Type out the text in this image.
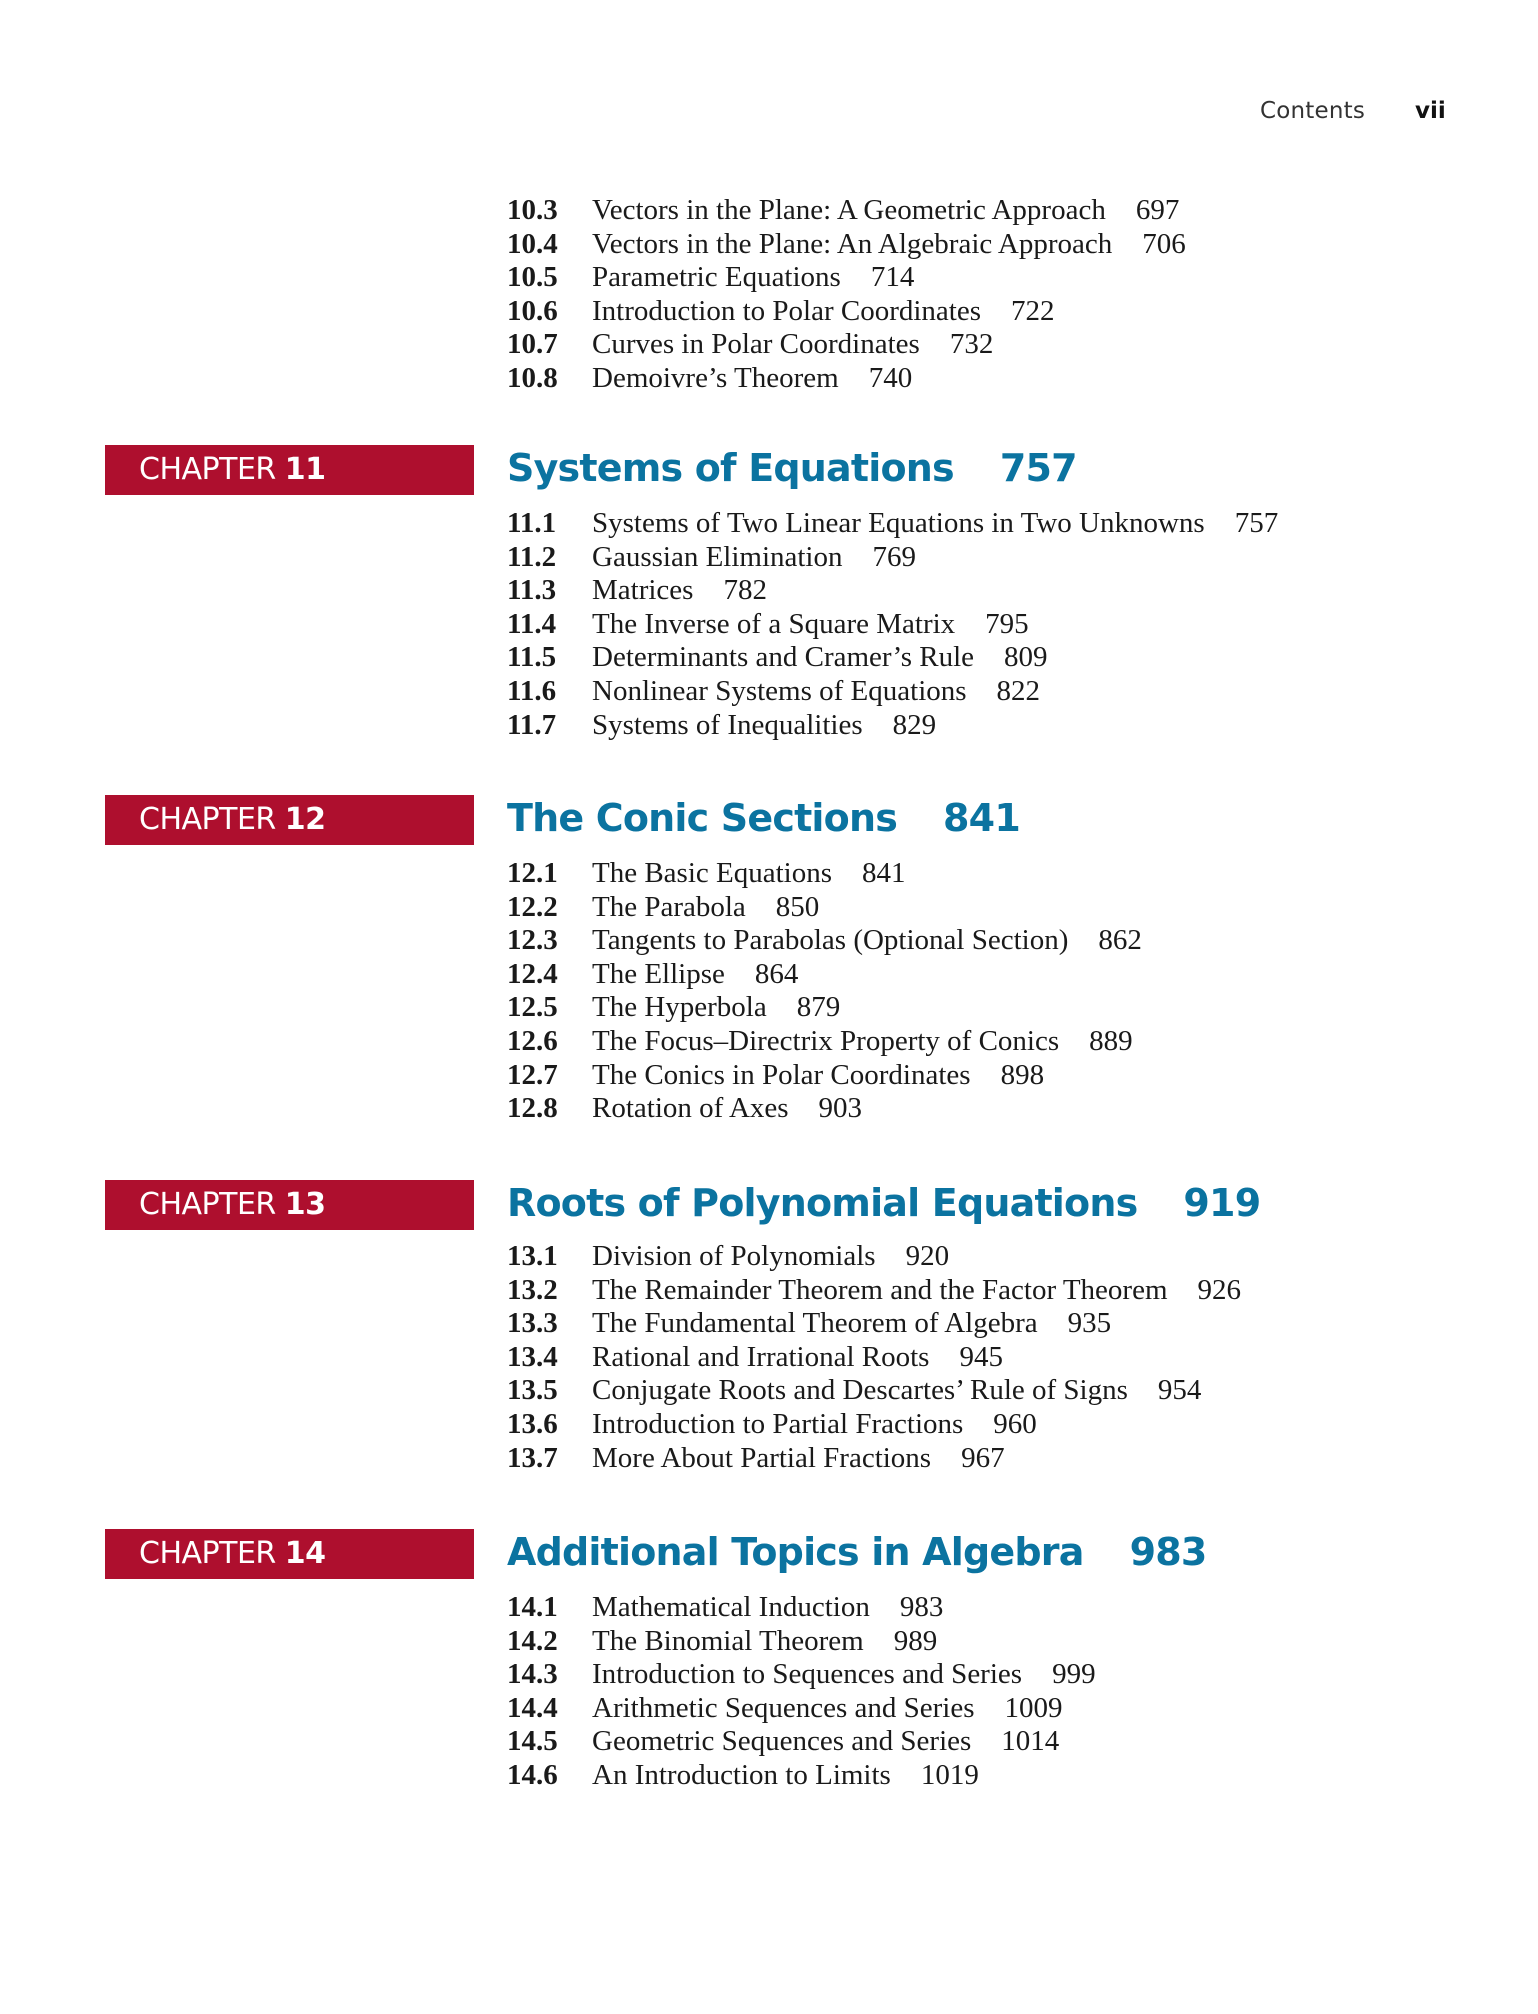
Contents vii
10.3 Vectors in the Plane: A Geometric Approach 697
10.4 Vectors in the Plane: An Algebraic Approach 706
10.5 Parametric Equations 714
10.6 Introduction to Polar Coordinates 722
10.7 Curves in Polar Coordinates 732
10.8 Demoivre’s Theorem 740
CHAPTER 11	Systems of Equations 757
11.1 Systems of Two Linear Equations in Two Unknowns 757
11.2 Gaussian Elimination 769
11.3 Matrices 782
11.4 The Inverse of a Square Matrix 795
11.5 Determinants and Cramer’s Rule 809
11.6 Nonlinear Systems of Equations 822
11.7 Systems of Inequalities 829
CHAPTER 12	The Conic Sections 841
12.1 The Basic Equations 841
12.2 The Parabola 850
12.3 Tangents to Parabolas (Optional Section) 862
12.4 The Ellipse 864
12.5 The Hyperbola 879
12.6 The Focus–Directrix Property of Conics 889
12.7 The Conics in Polar Coordinates 898
12.8 Rotation of Axes 903
CHAPTER 13	Roots of Polynomial Equations 919
13.1 Division of Polynomials 920
13.2 The Remainder Theorem and the Factor Theorem 926
13.3 The Fundamental Theorem of Algebra 935
13.4 Rational and Irrational Roots 945
13.5 Conjugate Roots and Descartes’ Rule of Signs 954
13.6 Introduction to Partial Fractions 960
13.7 More About Partial Fractions 967
CHAPTER 14	Additional Topics in Algebra 983
14.1 Mathematical Induction 983
14.2 The Binomial Theorem 989
14.3 Introduction to Sequences and Series 999
14.4 Arithmetic Sequences and Series 1009
14.5 Geometric Sequences and Series 1014
14.6 An Introduction to Limits 1019
